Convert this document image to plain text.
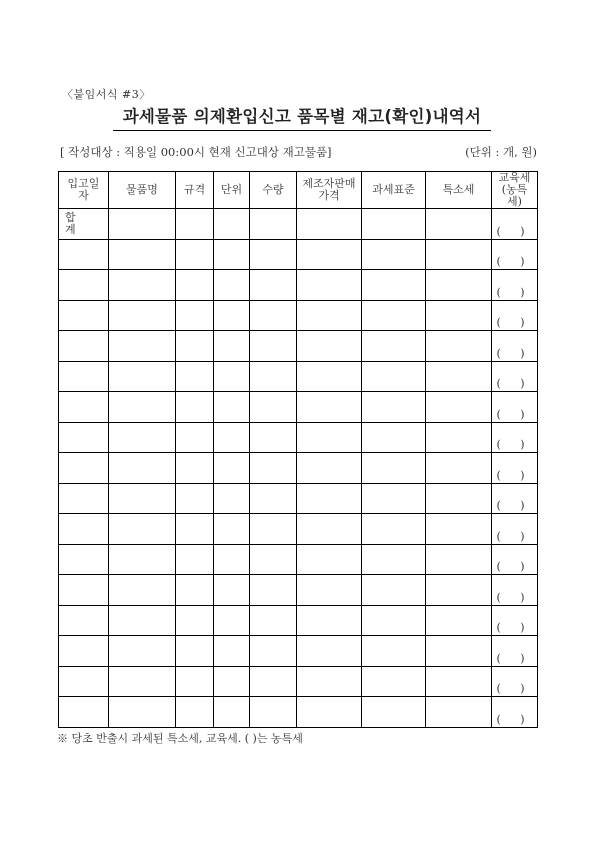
〈붙임서식 #3〉
과세물품 의제환입신고 품목별 재고(확인)내역서
[ 작성대상 : 직용일 00:00시 현재 신고대상 재고물품]	(단위 : 개, 원)
입고일자	물품명	규격	단위	수량	제조자판매가격	과세표준	특소세	교육세(농특세)
합 계								( )

								( )

								( )

								( )

								( )

								( )

								( )

								( )

								( )

								( )

								( )

								( )

								( )

								( )

								( )

								( )

								( )
※ 당초 반출시 과세된 특소세, 교육세. ( )는 농특세
